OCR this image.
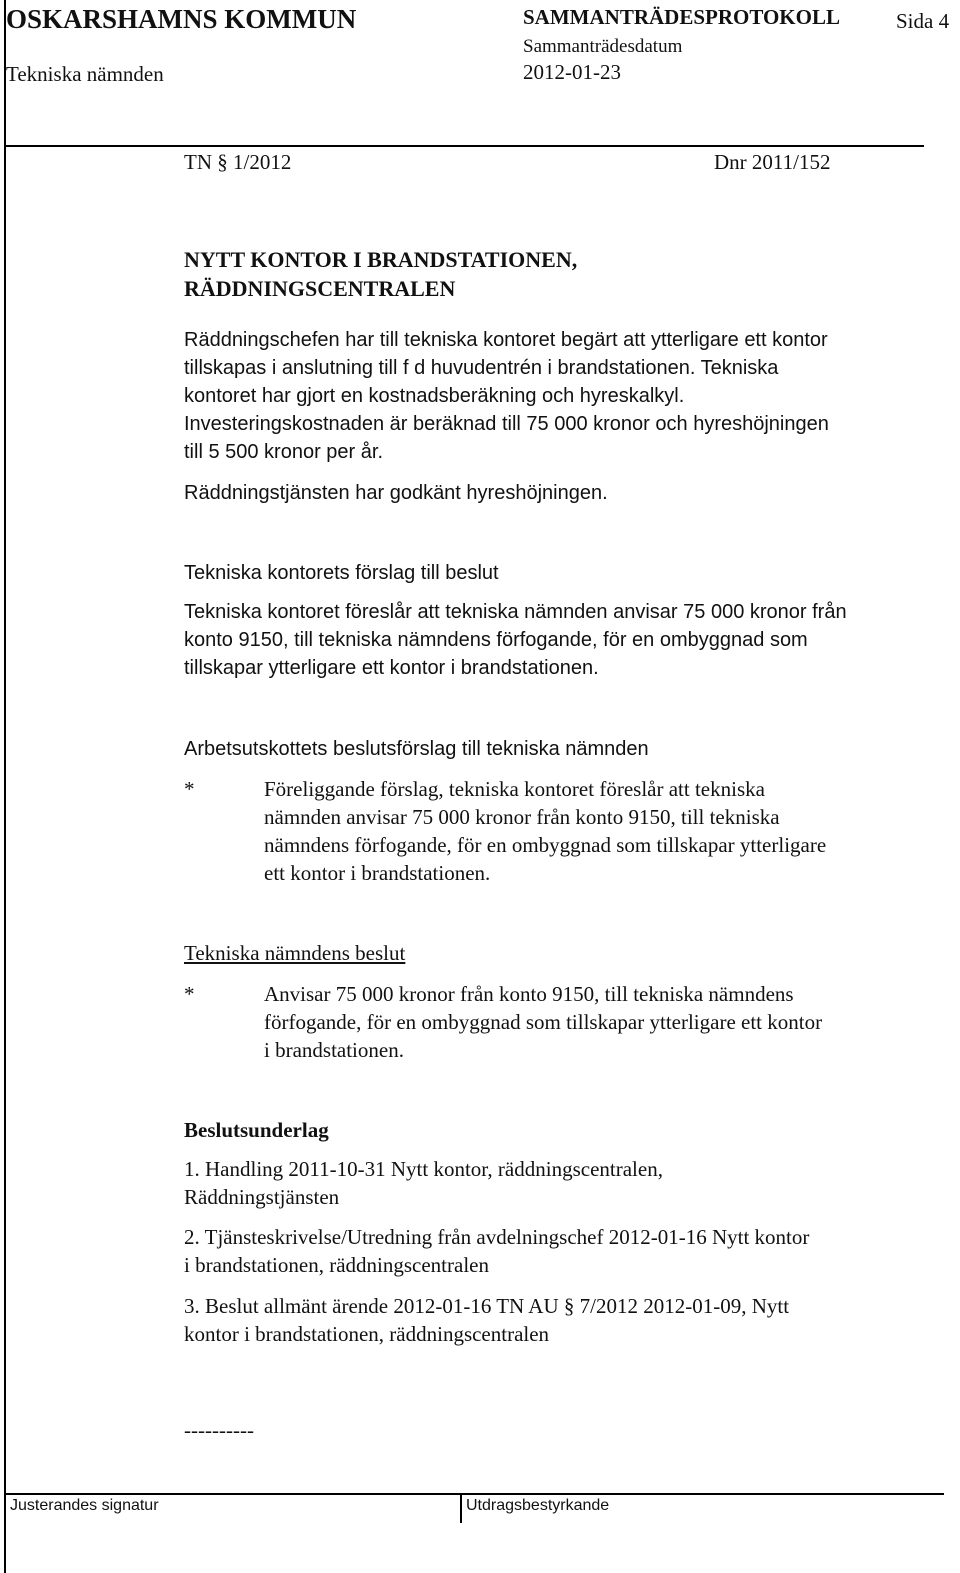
OSKARSHAMNS KOMMUN
Tekniska nämnden
SAMMANTRÄDESPROTOKOLL
Sammanträdesdatum
2012-01-23
Sida 4
TN § 1/2012	Dnr 2011/152
NYTT KONTOR I BRANDSTATIONEN,
RÄDDNINGSCENTRALEN
Räddningschefen har till tekniska kontoret begärt att ytterligare ett kontor
tillskapas i anslutning till f d huvudentrén i brandstationen. Tekniska
kontoret har gjort en kostnadsberäkning och hyreskalkyl.
Investeringskostnaden är beräknad till 75 000 kronor och hyreshöjningen
till 5 500 kronor per år.
Räddningstjänsten har godkänt hyreshöjningen.
Tekniska kontorets förslag till beslut
Tekniska kontoret föreslår att tekniska nämnden anvisar 75 000 kronor från
konto 9150, till tekniska nämndens förfogande, för en ombyggnad som
tillskapar ytterligare ett kontor i brandstationen.
Arbetsutskottets beslutsförslag till tekniska nämnden
*	Föreliggande förslag, tekniska kontoret föreslår att tekniska
nämnden anvisar 75 000 kronor från konto 9150, till tekniska
nämndens förfogande, för en ombyggnad som tillskapar ytterligare
ett kontor i brandstationen.
Tekniska nämndens beslut
*	Anvisar 75 000 kronor från konto 9150, till tekniska nämndens
förfogande, för en ombyggnad som tillskapar ytterligare ett kontor
i brandstationen.
Beslutsunderlag
1. Handling 2011-10-31 Nytt kontor, räddningscentralen,
Räddningstjänsten
2. Tjänsteskrivelse/Utredning från avdelningschef 2012-01-16 Nytt kontor
i brandstationen, räddningscentralen
3. Beslut allmänt ärende 2012-01-16 TN AU § 7/2012 2012-01-09, Nytt
kontor i brandstationen, räddningscentralen
----------
Justerandes signatur	Utdragsbestyrkande
